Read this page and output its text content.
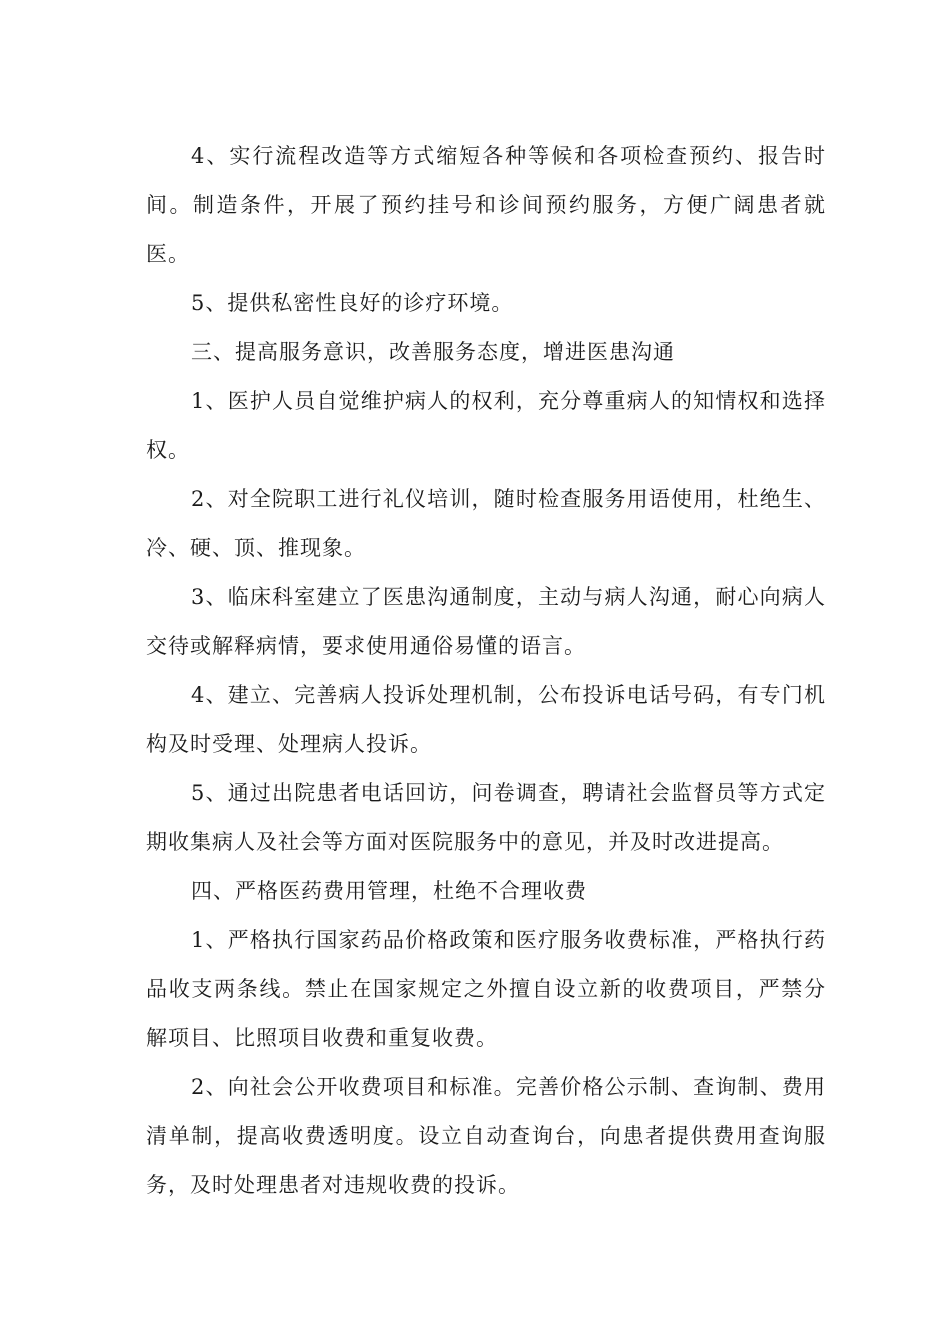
4、实行流程改造等方式缩短各种等候和各项检查预约、报告时间。制造条件，开展了预约挂号和诊间预约服务，方便广阔患者就医。

5、提供私密性良好的诊疗环境。

三、提高服务意识，改善服务态度，增进医患沟通

1、医护人员自觉维护病人的权利，充分尊重病人的知情权和选择权。

2、对全院职工进行礼仪培训，随时检查服务用语使用，杜绝生、冷、硬、顶、推现象。

3、临床科室建立了医患沟通制度，主动与病人沟通，耐心向病人交待或解释病情，要求使用通俗易懂的语言。

4、建立、完善病人投诉处理机制，公布投诉电话号码，有专门机构及时受理、处理病人投诉。

5、通过出院患者电话回访，问卷调查，聘请社会监督员等方式定期收集病人及社会等方面对医院服务中的意见，并及时改进提高。

四、严格医药费用管理，杜绝不合理收费

1、严格执行国家药品价格政策和医疗服务收费标准，严格执行药品收支两条线。禁止在国家规定之外擅自设立新的收费项目，严禁分解项目、比照项目收费和重复收费。

2、向社会公开收费项目和标准。完善价格公示制、查询制、费用清单制，提高收费透明度。设立自动查询台，向患者提供费用查询服务，及时处理患者对违规收费的投诉。
